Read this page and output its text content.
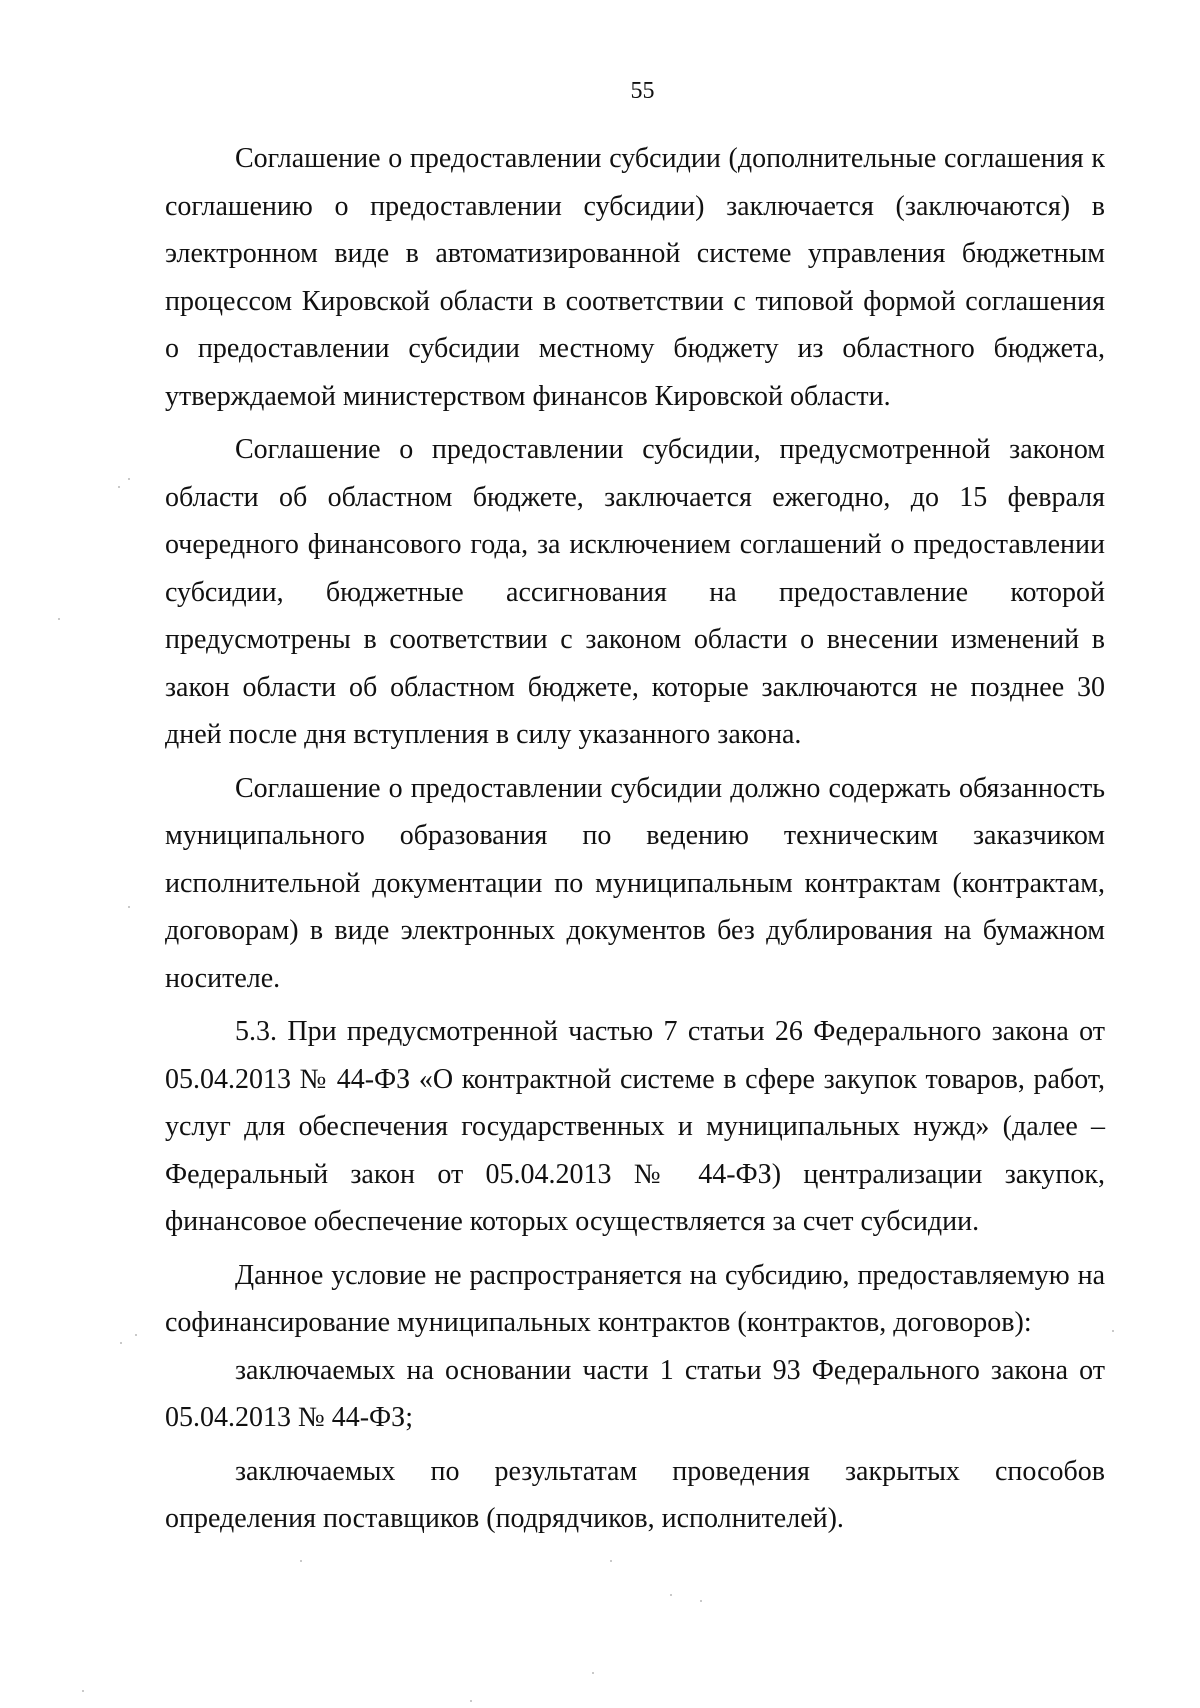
55

Соглашение о предоставлении субсидии (дополнительные соглашения к соглашению о предоставлении субсидии) заключается (заключаются) в электронном виде в автоматизированной системе управления бюджетным процессом Кировской области в соответствии с типовой формой соглашения о предоставлении субсидии местному бюджету из областного бюджета, утверждаемой министерством финансов Кировской области.

Соглашение о предоставлении субсидии, предусмотренной законом области об областном бюджете, заключается ежегодно, до 15 февраля очередного финансового года, за исключением соглашений о предоставлении субсидии, бюджетные ассигнования на предоставление которой предусмотрены в соответствии с законом области о внесении изменений в закон области об областном бюджете, которые заключаются не позднее 30 дней после дня вступления в силу указанного закона.

Соглашение о предоставлении субсидии должно содержать обязанность муниципального образования по ведению техническим заказчиком исполнительной документации по муниципальным контрактам (контрактам, договорам) в виде электронных документов без дублирования на бумажном носителе.

5.3. При предусмотренной частью 7 статьи 26 Федерального закона от 05.04.2013 № 44-ФЗ «О контрактной системе в сфере закупок товаров, работ, услуг для обеспечения государственных и муниципальных нужд» (далее – Федеральный закон от 05.04.2013 № 44-ФЗ) централизации закупок, финансовое обеспечение которых осуществляется за счет субсидии.

Данное условие не распространяется на субсидию, предоставляемую на софинансирование муниципальных контрактов (контрактов, договоров):

заключаемых на основании части 1 статьи 93 Федерального закона от 05.04.2013 № 44-ФЗ;

заключаемых по результатам проведения закрытых способов определения поставщиков (подрядчиков, исполнителей).
